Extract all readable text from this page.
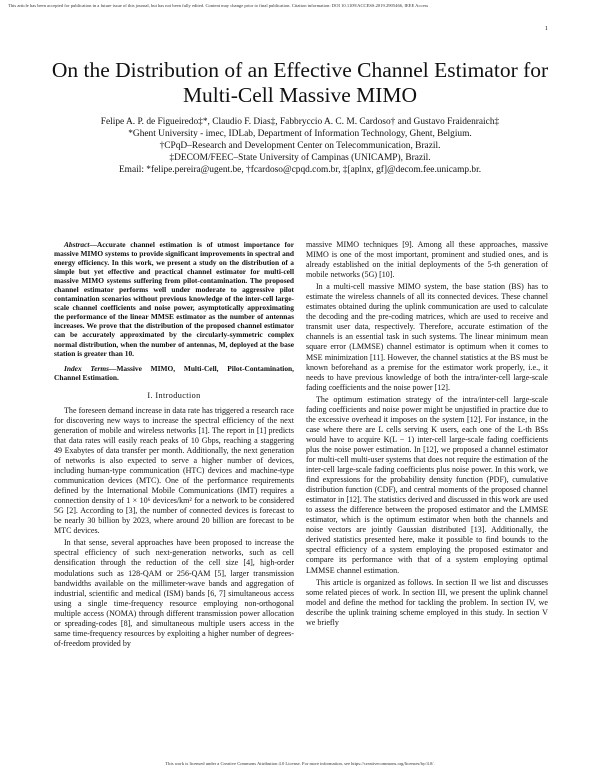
This article has been accepted for publication in a future issue of this journal, but has not been fully edited. Content may change prior to final publication. Citation information: DOI 10.1109/ACCESS.2019.2905466, IEEE Access
1
On the Distribution of an Effective Channel Estimator for Multi-Cell Massive MIMO
Felipe A. P. de Figueiredo‡*, Claudio F. Dias‡, Fabbryccio A. C. M. Cardoso† and Gustavo Fraidenraich‡
*Ghent University - imec, IDLab, Department of Information Technology, Ghent, Belgium.
†CPqD–Research and Development Center on Telecommunication, Brazil.
‡DECOM/FEEC–State University of Campinas (UNICAMP), Brazil.
Email: *felipe.pereira@ugent.be, †fcardoso@cpqd.com.br, ‡[aplnx, gf]@decom.fee.unicamp.br.

Abstract—Accurate channel estimation is of utmost importance for massive MIMO systems to provide significant improvements in spectral and energy efficiency. In this work, we present a study on the distribution of a simple but yet effective and practical channel estimator for multi-cell massive MIMO systems suffering from pilot-contamination. The proposed channel estimator performs well under moderate to aggressive pilot contamination scenarios without previous knowledge of the inter-cell large-scale channel coefficients and noise power, asymptotically approximating the performance of the linear MMSE estimator as the number of antennas increases. We prove that the distribution of the proposed channel estimator can be accurately approximated by the circularly-symmetric complex normal distribution, when the number of antennas, M, deployed at the base station is greater than 10.

Index Terms—Massive MIMO, Multi-Cell, Pilot-Contamination, Channel Estimation.

I. Introduction

The foreseen demand increase in data rate has triggered a research race for discovering new ways to increase the spectral efficiency of the next generation of mobile and wireless networks [1]. The report in [1] predicts that data rates will easily reach peaks of 10 Gbps, reaching a staggering 49 Exabytes of data transfer per month. Additionally, the next generation of networks is also expected to serve a higher number of devices, including human-type communication (HTC) devices and machine-type communication devices (MTC). One of the performance requirements defined by the International Mobile Communications (IMT) requires a connection density of 1 × 10⁶ devices/km² for a network to be considered 5G [2]. According to [3], the number of connected devices is forecast to be nearly 30 billion by 2023, where around 20 billion are forecast to be MTC devices.

In that sense, several approaches have been proposed to increase the spectral efficiency of such next-generation networks, such as cell densification through the reduction of the cell size [4], high-order modulations such as 128-QAM or 256-QAM [5], larger transmission bandwidths available on the millimeter-wave bands and aggregation of industrial, scientific and medical (ISM) bands [6, 7] simultaneous access using a single time-frequency resource employing non-orthogonal multiple access (NOMA) through different transmission power allocation or spreading-codes [8], and simultaneous multiple users access in the same time-frequency resources by exploiting a higher number of degrees-of-freedom provided by

massive MIMO techniques [9]. Among all these approaches, massive MIMO is one of the most important, prominent and studied ones, and is already established on the initial deployments of the 5-th generation of mobile networks (5G) [10].

In a multi-cell massive MIMO system, the base station (BS) has to estimate the wireless channels of all its connected devices. These channel estimates obtained during the uplink communication are used to calculate the decoding and the pre-coding matrices, which are used to receive and transmit user data, respectively. Therefore, accurate estimation of the channels is an essential task in such systems. The linear minimum mean square error (LMMSE) channel estimator is optimum when it comes to MSE minimization [11]. However, the channel statistics at the BS must be known beforehand as a premise for the estimator work properly, i.e., it needs to have previous knowledge of both the intra/inter-cell large-scale fading coefficients and the noise power [12].

The optimum estimation strategy of the intra/inter-cell large-scale fading coefficients and noise power might be unjustified in practice due to the excessive overhead it imposes on the system [12]. For instance, in the case where there are L cells serving K users, each one of the L-th BSs would have to acquire K(L − 1) inter-cell large-scale fading coefficients plus the noise power estimation. In [12], we proposed a channel estimator for multi-cell multi-user systems that does not require the estimation of the inter-cell large-scale fading coefficients plus noise power. In this work, we find expressions for the probability density function (PDF), cumulative distribution function (CDF), and central moments of the proposed channel estimator in [12]. The statistics derived and discussed in this work are used to assess the difference between the proposed estimator and the LMMSE estimator, which is the optimum estimator when both the channels and noise vectors are jointly Gaussian distributed [13]. Additionally, the derived statistics presented here, make it possible to find bounds to the spectral efficiency of a system employing the proposed estimator and compare its performance with that of a system employing optimal LMMSE channel estimation.

This article is organized as follows. In section II we list and discusses some related pieces of work. In section III, we present the uplink channel model and define the method for tackling the problem. In section IV, we describe the uplink training scheme employed in this study. In section V we briefly

This work is licensed under a Creative Commons Attribution 4.0 License. For more information, see https://creativecommons.org/licenses/by/4.0/.
